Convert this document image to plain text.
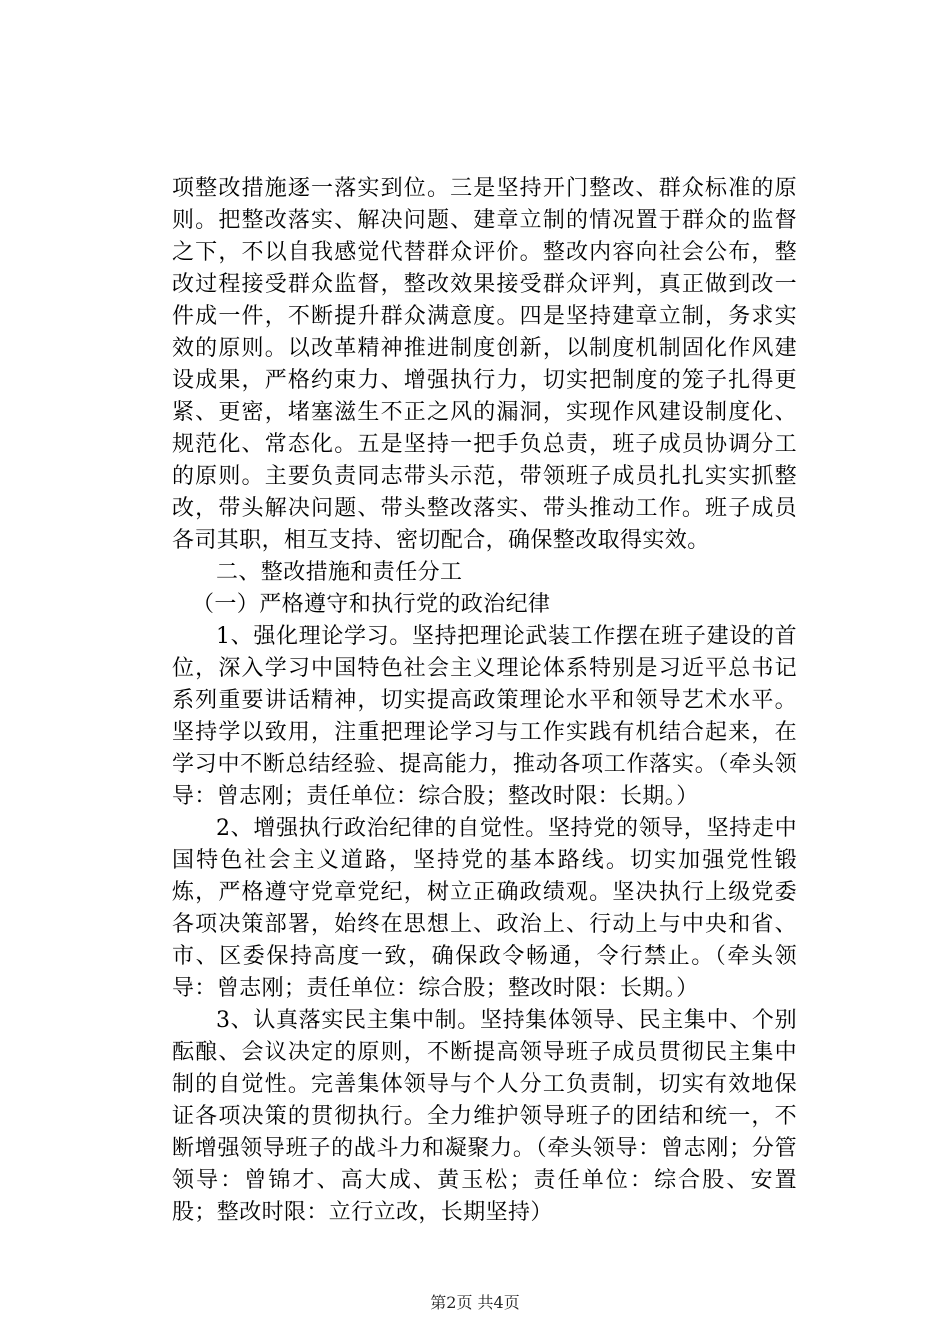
项整改措施逐一落实到位。三是坚持开门整改、群众标准的原则。把整改落实、解决问题、建章立制的情况置于群众的监督之下，不以自我感觉代替群众评价。整改内容向社会公布，整改过程接受群众监督，整改效果接受群众评判，真正做到改一件成一件，不断提升群众满意度。四是坚持建章立制，务求实效的原则。以改革精神推进制度创新，以制度机制固化作风建设成果，严格约束力、增强执行力，切实把制度的笼子扎得更紧、更密，堵塞滋生不正之风的漏洞，实现作风建设制度化、规范化、常态化。五是坚持一把手负总责，班子成员协调分工的原则。主要负责同志带头示范，带领班子成员扎扎实实抓整改，带头解决问题、带头整改落实、带头推动工作。班子成员各司其职，相互支持、密切配合，确保整改取得实效。

二、整改措施和责任分工

（一）严格遵守和执行党的政治纪律

1、强化理论学习。坚持把理论武装工作摆在班子建设的首位，深入学习中国特色社会主义理论体系特别是习近平总书记系列重要讲话精神，切实提高政策理论水平和领导艺术水平。坚持学以致用，注重把理论学习与工作实践有机结合起来，在学习中不断总结经验、提高能力，推动各项工作落实。（牵头领导：曾志刚；责任单位：综合股；整改时限：长期。）

2、增强执行政治纪律的自觉性。坚持党的领导，坚持走中国特色社会主义道路，坚持党的基本路线。切实加强党性锻炼，严格遵守党章党纪，树立正确政绩观。坚决执行上级党委各项决策部署，始终在思想上、政治上、行动上与中央和省、市、区委保持高度一致，确保政令畅通，令行禁止。（牵头领导：曾志刚；责任单位：综合股；整改时限：长期。）

3、认真落实民主集中制。坚持集体领导、民主集中、个别酝酿、会议决定的原则，不断提高领导班子成员贯彻民主集中制的自觉性。完善集体领导与个人分工负责制，切实有效地保证各项决策的贯彻执行。全力维护领导班子的团结和统一，不断增强领导班子的战斗力和凝聚力。（牵头领导：曾志刚；分管领导：曾锦才、高大成、黄玉松；责任单位：综合股、安置股；整改时限：立行立改，长期坚持）

第2页 共4页
